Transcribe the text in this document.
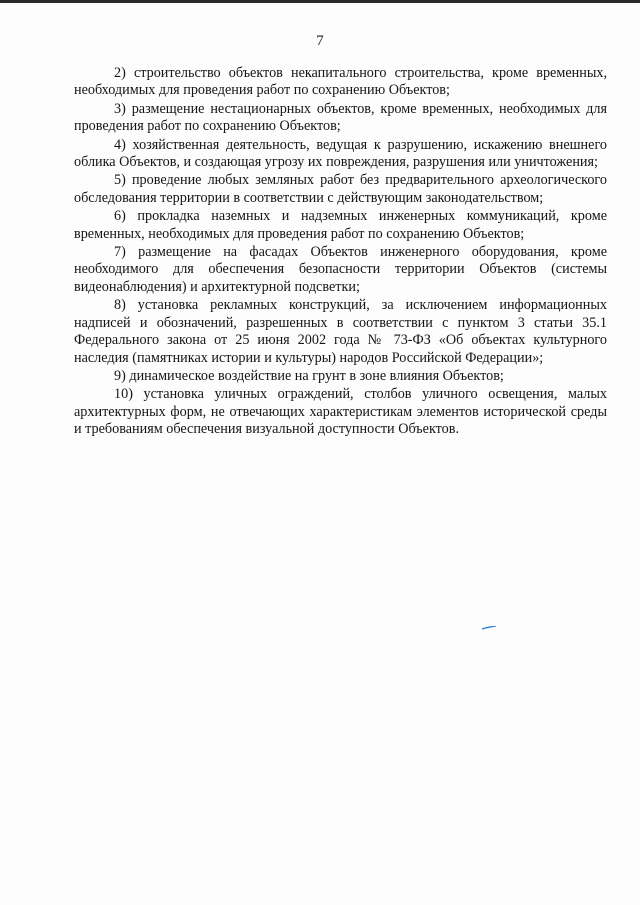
7

2) строительство объектов некапитального строительства, кроме временных, необходимых для проведения работ по сохранению Объектов;

3) размещение нестационарных объектов, кроме временных, необходимых для проведения работ по сохранению Объектов;

4) хозяйственная деятельность, ведущая к разрушению, искажению внешнего облика Объектов, и создающая угрозу их повреждения, разрушения или уничтожения;

5) проведение любых земляных работ без предварительного археологического обследования территории в соответствии с действующим законодательством;

6) прокладка наземных и надземных инженерных коммуникаций, кроме временных, необходимых для проведения работ по сохранению Объектов;

7) размещение на фасадах Объектов инженерного оборудования, кроме необходимого для обеспечения безопасности территории Объектов (системы видеонаблюдения) и архитектурной подсветки;

8) установка рекламных конструкций, за исключением информационных надписей и обозначений, разрешенных в соответствии с пунктом 3 статьи 35.1 Федерального закона от 25 июня 2002 года № 73-ФЗ «Об объектах культурного наследия (памятниках истории и культуры) народов Российской Федерации»;

9) динамическое воздействие на грунт в зоне влияния Объектов;

10) установка уличных ограждений, столбов уличного освещения, малых архитектурных форм, не отвечающих характеристикам элементов исторической среды и требованиям обеспечения визуальной доступности Объектов.
